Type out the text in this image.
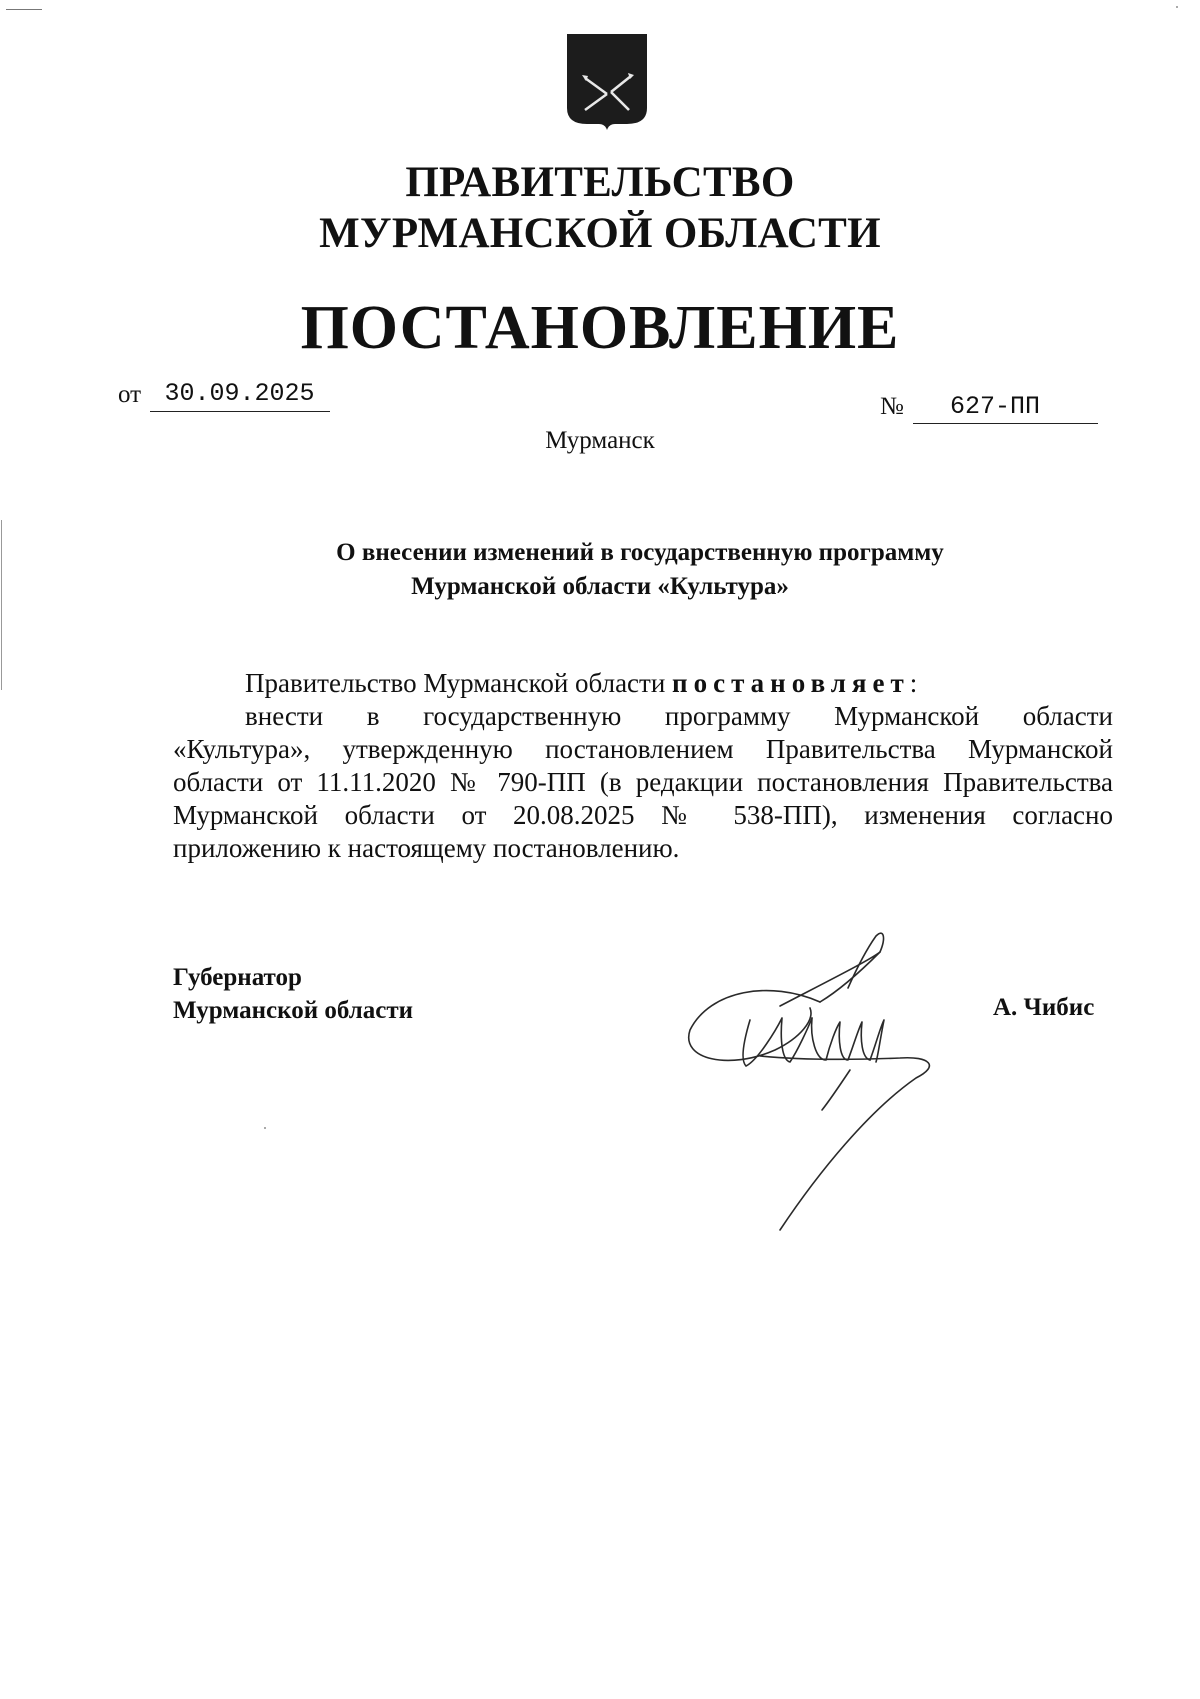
ПРАВИТЕЛЬСТВО
МУРМАНСКОЙ ОБЛАСТИ
ПОСТАНОВЛЕНИЕ
от 30.09.2025	№	627-ПП
Мурманск
О внесении изменений в государственную программу
Мурманской области «Культура»
Правительство Мурманской области постановляет:
внести в государственную программу Мурманской области
«Культура», утвержденную постановлением Правительства Мурманской
области от 11.11.2020 № 790-ПП (в редакции постановления Правительства
Мурманской области от 20.08.2025 № 538-ПП), изменения согласно
приложению к настоящему постановлению.
Губернатор
Мурманской области	А. Чибис
